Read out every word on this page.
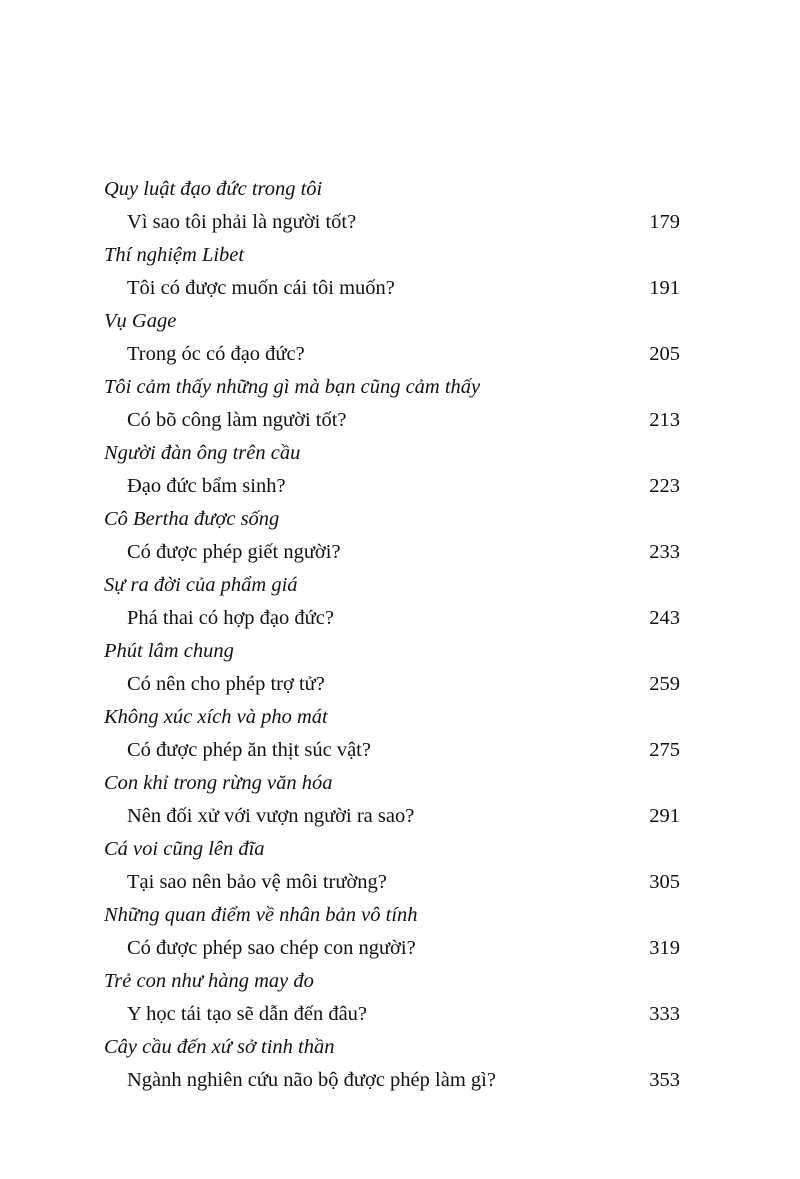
Quy luật đạo đức trong tôi
Vì sao tôi phải là người tốt?	179
Thí nghiệm Libet
Tôi có được muốn cái tôi muốn?	191
Vụ Gage
Trong óc có đạo đức?	205
Tôi cảm thấy những gì mà bạn cũng cảm thấy
Có bõ công làm người tốt?	213
Người đàn ông trên cầu
Đạo đức bẩm sinh?	223
Cô Bertha được sống
Có được phép giết người?	233
Sự ra đời của phẩm giá
Phá thai có hợp đạo đức?	243
Phút lâm chung
Có nên cho phép trợ tử?	259
Không xúc xích và pho mát
Có được phép ăn thịt súc vật?	275
Con khỉ trong rừng văn hóa
Nên đối xử với vượn người ra sao?	291
Cá voi cũng lên đĩa
Tại sao nên bảo vệ môi trường?	305
Những quan điểm về nhân bản vô tính
Có được phép sao chép con người?	319
Trẻ con như hàng may đo
Y học tái tạo sẽ dẫn đến đâu?	333
Cây cầu đến xứ sở tinh thần
Ngành nghiên cứu não bộ được phép làm gì?	353
